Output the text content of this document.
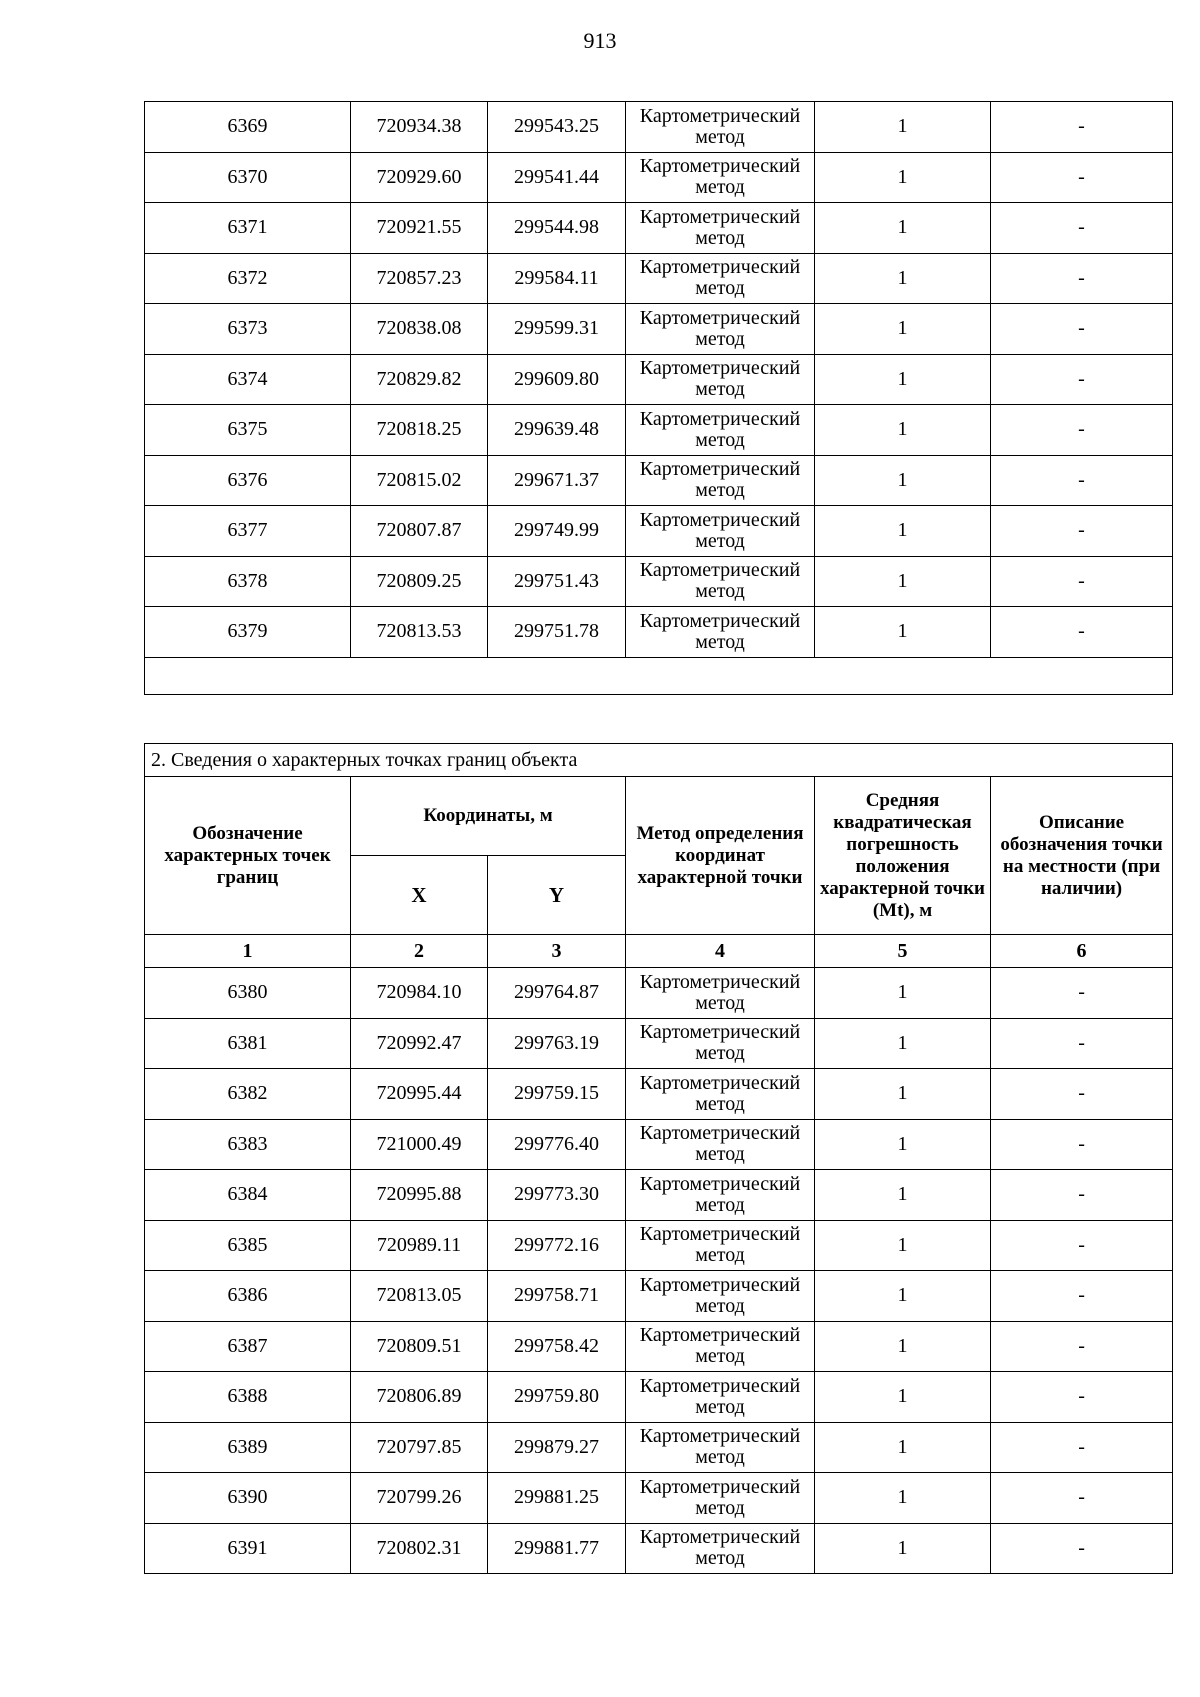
913
6369	720934.38	299543.25	Картометрический метод	1	-
6370	720929.60	299541.44	Картометрический метод	1	-
6371	720921.55	299544.98	Картометрический метод	1	-
6372	720857.23	299584.11	Картометрический метод	1	-
6373	720838.08	299599.31	Картометрический метод	1	-
6374	720829.82	299609.80	Картометрический метод	1	-
6375	720818.25	299639.48	Картометрический метод	1	-
6376	720815.02	299671.37	Картометрический метод	1	-
6377	720807.87	299749.99	Картометрический метод	1	-
6378	720809.25	299751.43	Картометрический метод	1	-
6379	720813.53	299751.78	Картометрический метод	1	-

2. Сведения о характерных точках границ объекта					
Обозначение характерных точек границ	Координаты, м		Метод определения координат характерной точки	Средняя квадратическая погрешность положения характерной точки (Mt), м	Описание обозначения точки на местности (при наличии)
	X	Y			
1	2	3	4	5	6
6380	720984.10	299764.87	Картометрический метод	1	-
6381	720992.47	299763.19	Картометрический метод	1	-
6382	720995.44	299759.15	Картометрический метод	1	-
6383	721000.49	299776.40	Картометрический метод	1	-
6384	720995.88	299773.30	Картометрический метод	1	-
6385	720989.11	299772.16	Картометрический метод	1	-
6386	720813.05	299758.71	Картометрический метод	1	-
6387	720809.51	299758.42	Картометрический метод	1	-
6388	720806.89	299759.80	Картометрический метод	1	-
6389	720797.85	299879.27	Картометрический метод	1	-
6390	720799.26	299881.25	Картометрический метод	1	-
6391	720802.31	299881.77	Картометрический метод	1	-
